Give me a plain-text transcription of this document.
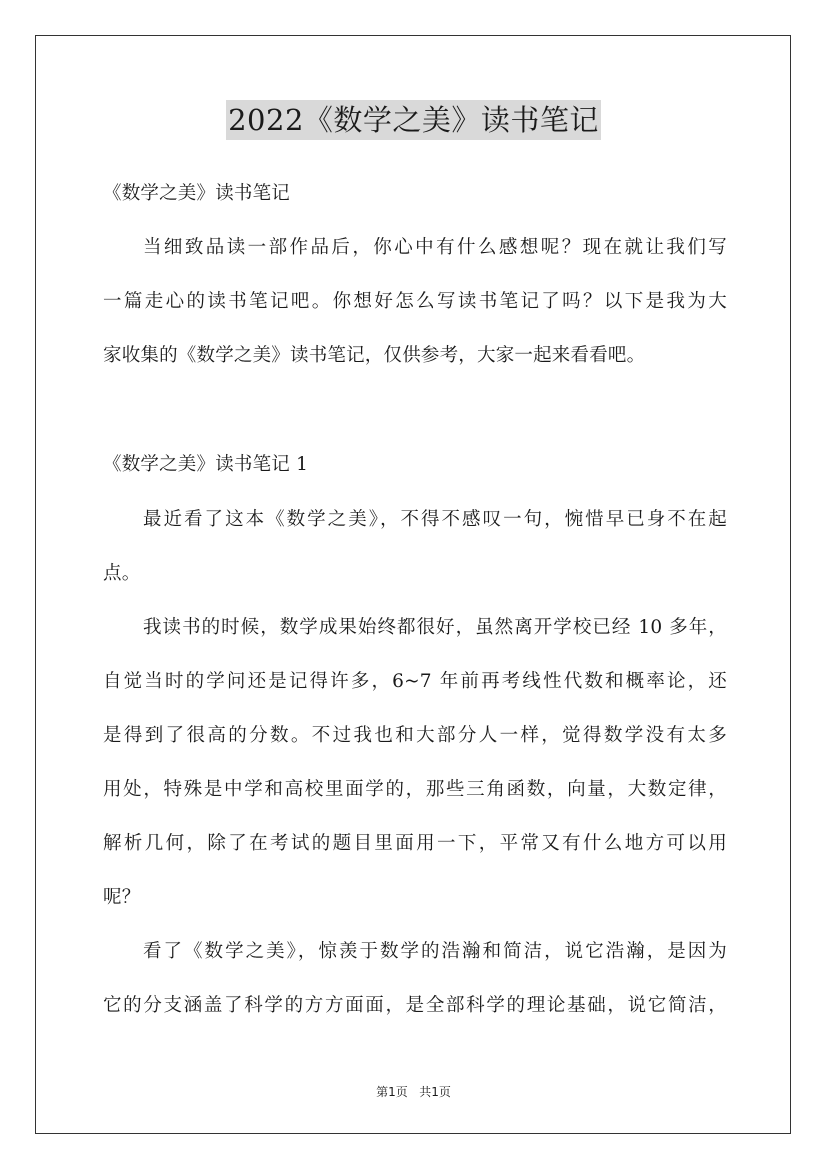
2022《数学之美》读书笔记
《数学之美》读书笔记
当细致品读一部作品后，你心中有什么感想呢？现在就让我们写
一篇走心的读书笔记吧。你想好怎么写读书笔记了吗？以下是我为大
家收集的《数学之美》读书笔记，仅供参考，大家一起来看看吧。
《数学之美》读书笔记 1
最近看了这本《数学之美》，不得不感叹一句，惋惜早已身不在起
点。
我读书的时候，数学成果始终都很好，虽然离开学校已经 10 多年，
自觉当时的学问还是记得许多，6~7 年前再考线性代数和概率论，还
是得到了很高的分数。不过我也和大部分人一样，觉得数学没有太多
用处，特殊是中学和高校里面学的，那些三角函数，向量，大数定律，
解析几何，除了在考试的题目里面用一下，平常又有什么地方可以用
呢？
看了《数学之美》，惊羡于数学的浩瀚和简洁，说它浩瀚，是因为
它的分支涵盖了科学的方方面面，是全部科学的理论基础，说它简洁，
第1页 共1页
